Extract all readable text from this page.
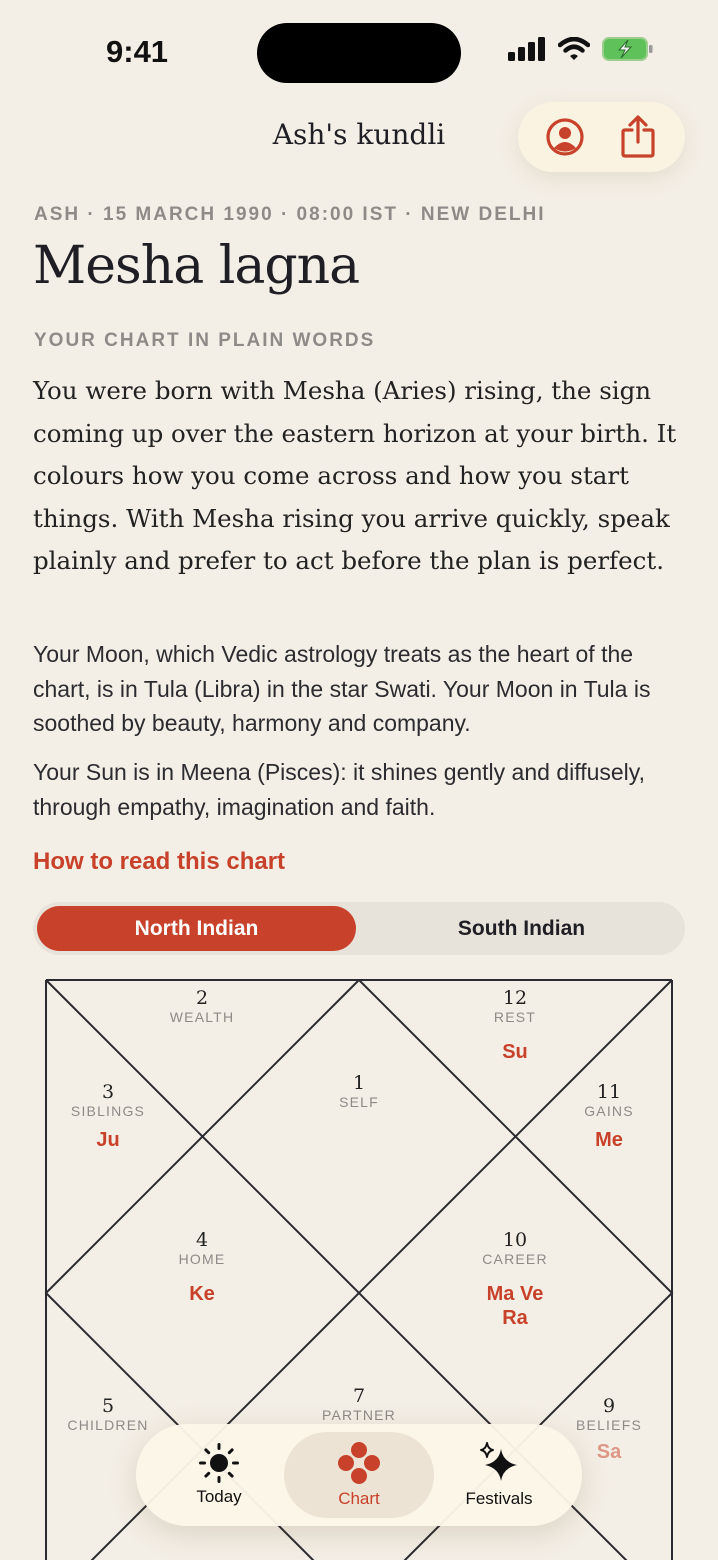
9:41
Ash's kundli
ASH · 15 MARCH 1990 · 08:00 IST · NEW DELHI
Mesha lagna
YOUR CHART IN PLAIN WORDS
You were born with Mesha (Aries) rising, the sign coming up over the eastern horizon at your birth. It colours how you come across and how you start things. With Mesha rising you arrive quickly, speak plainly and prefer to act before the plan is perfect.
Your Moon, which Vedic astrology treats as the heart of the chart, is in Tula (Libra) in the star Swati. Your Moon in Tula is soothed by beauty, harmony and company.
Your Sun is in Meena (Pisces): it shines gently and diffusely, through empathy, imagination and faith.
How to read this chart
North Indian	South Indian
2
WEALTH
12
REST
Su
3
SIBLINGS
Ju
1
SELF	11
GAINS
Me
4
HOME
Ke
10
CAREER
Ma Ve
Ra
5
CHILDREN
7
PARTNER	9
BELIEFS
Sa
Today	Chart	Festivals
